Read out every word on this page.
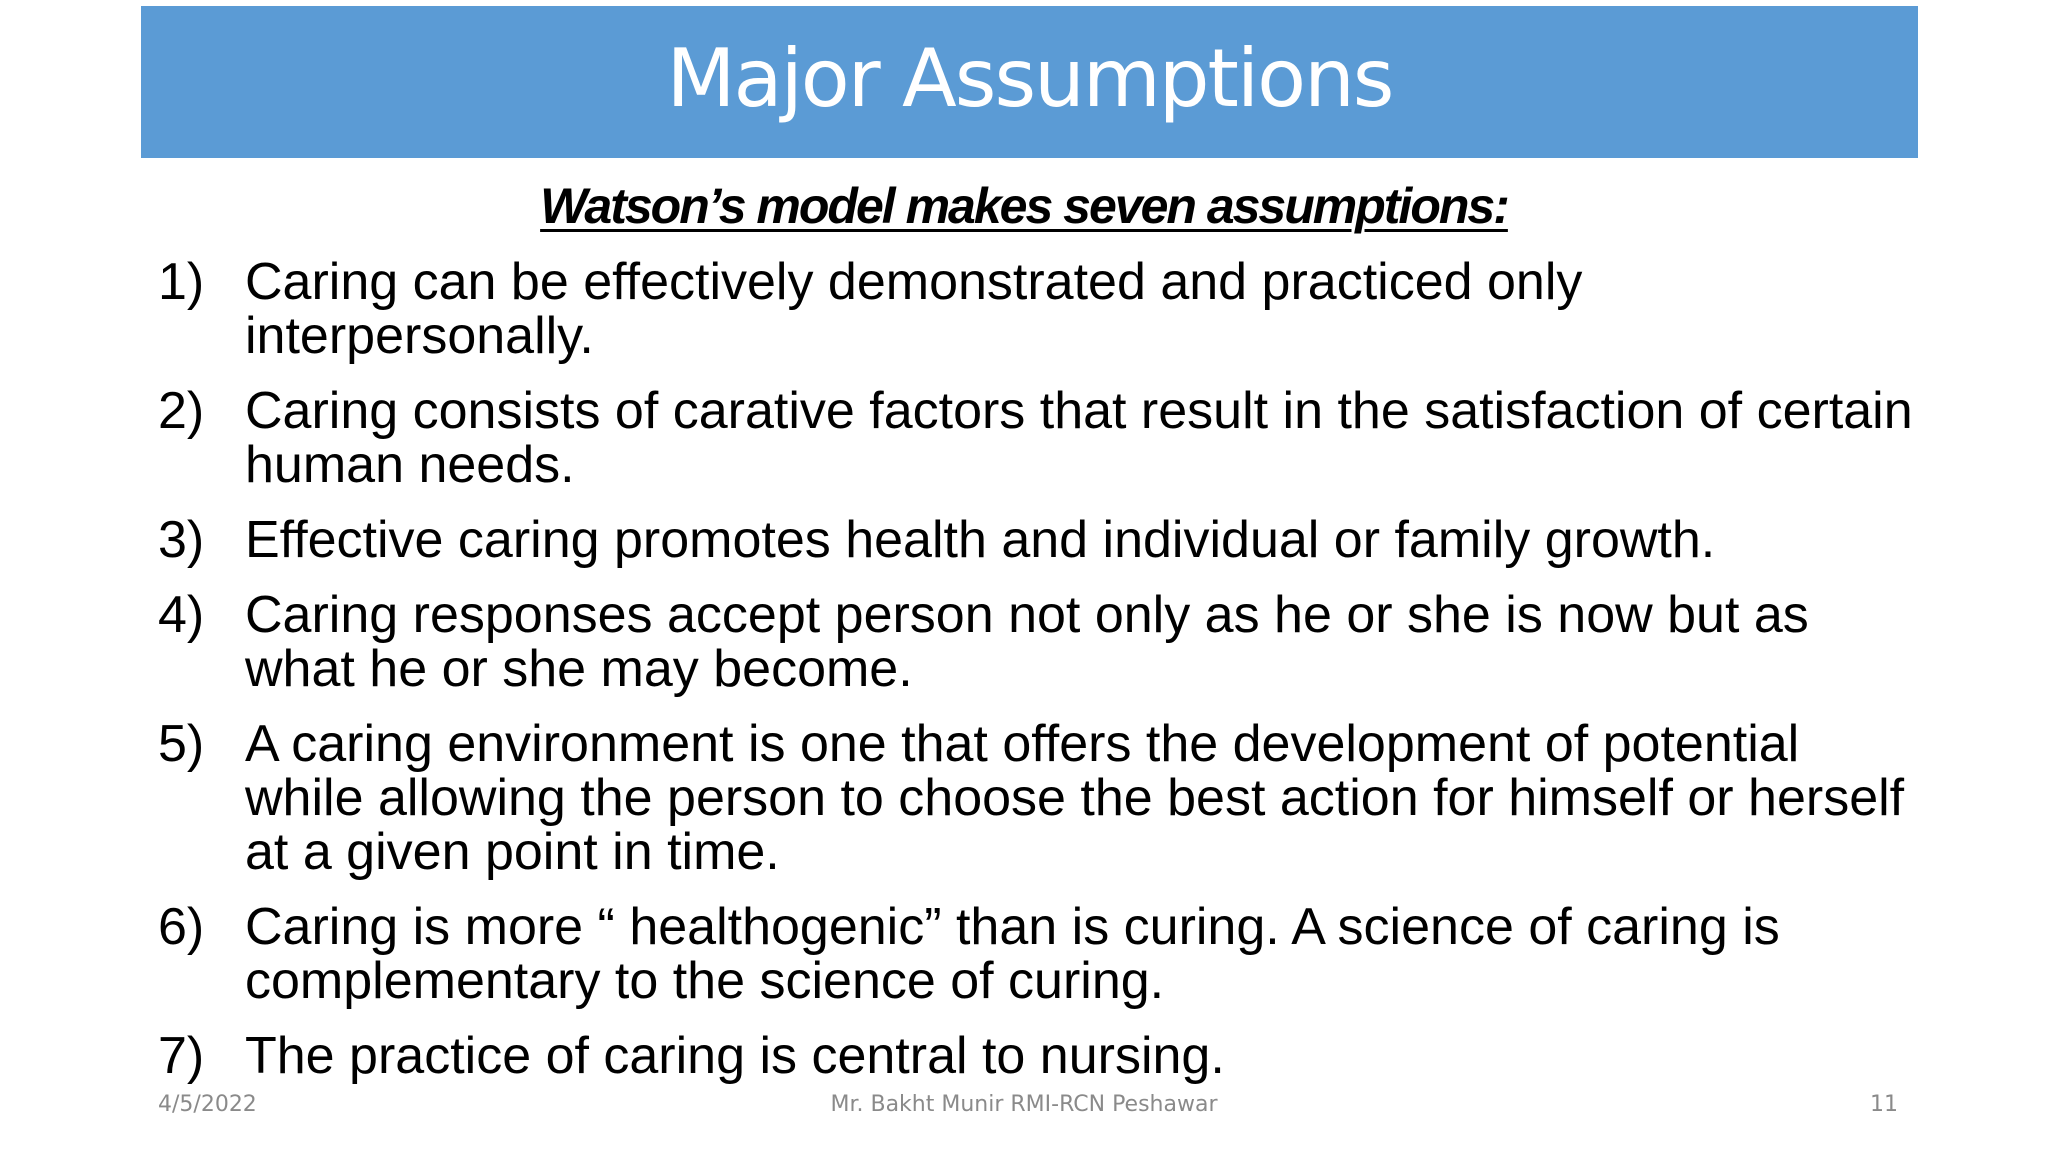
Major Assumptions
Watson’s model makes seven assumptions:
1) Caring can be effectively demonstrated and practiced only interpersonally.
2) Caring consists of carative factors that result in the satisfaction of certain human needs.
3) Effective caring promotes health and individual or family growth.
4) Caring responses accept person not only as he or she is now but as what he or she may become.
5) A caring environment is one that offers the development of potential while allowing the person to choose the best action for himself or herself at a given point in time.
6) Caring is more “ healthogenic” than is curing. A science of caring is complementary to the science of curing.
7) The practice of caring is central to nursing.
4/5/2022	Mr. Bakht Munir RMI-RCN Peshawar	11
